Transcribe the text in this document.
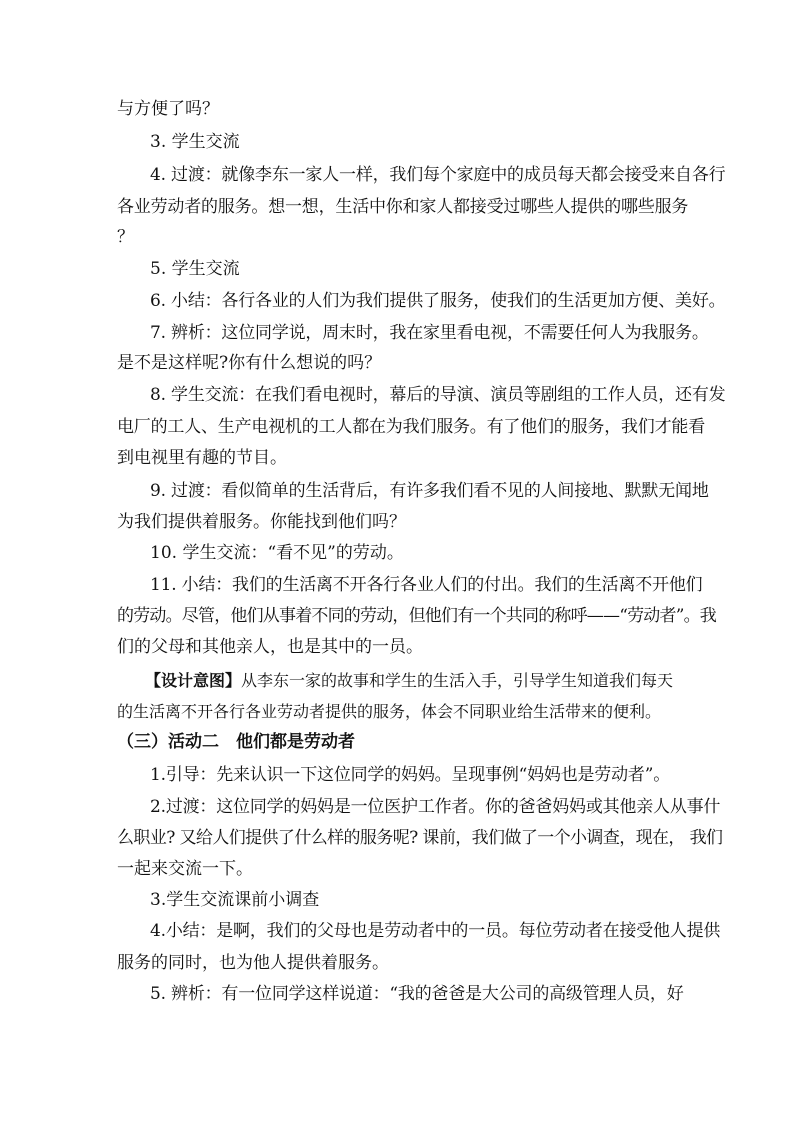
与方便了吗？
3. 学生交流
4. 过渡：就像李东一家人一样，我们每个家庭中的成员每天都会接受来自各行
各业劳动者的服务。想一想，生活中你和家人都接受过哪些人提供的哪些服务
？
5. 学生交流
6. 小结：各行各业的人们为我们提供了服务，使我们的生活更加方便、美好。
7. 辨析：这位同学说，周末时，我在家里看电视，不需要任何人为我服务。
是不是这样呢?你有什么想说的吗？
8. 学生交流：在我们看电视时，幕后的导演、演员等剧组的工作人员，还有发
电厂的工人、生产电视机的工人都在为我们服务。有了他们的服务，我们才能看
到电视里有趣的节目。
9. 过渡：看似简单的生活背后，有许多我们看不见的人间接地、默默无闻地
为我们提供着服务。你能找到他们吗？
10. 学生交流：“看不见”的劳动。
11. 小结：我们的生活离不开各行各业人们的付出。我们的生活离不开他们
的劳动。尽管，他们从事着不同的劳动，但他们有一个共同的称呼——“劳动者”。我
们的父母和其他亲人，也是其中的一员。
【设计意图】从李东一家的故事和学生的生活入手，引导学生知道我们每天
的生活离不开各行各业劳动者提供的服务，体会不同职业给生活带来的便利。
（三）活动二　他们都是劳动者
1.引导：先来认识一下这位同学的妈妈。呈现事例“妈妈也是劳动者”。
2.过渡：这位同学的妈妈是一位医护工作者。你的爸爸妈妈或其他亲人从事什
么职业? 又给人们提供了什么样的服务呢? 课前，我们做了一个小调查，现在， 我们
一起来交流一下。
3.学生交流课前小调查
4.小结：是啊，我们的父母也是劳动者中的一员。每位劳动者在接受他人提供
服务的同时，也为他人提供着服务。
5. 辨析：有一位同学这样说道：“我的爸爸是大公司的高级管理人员，好
